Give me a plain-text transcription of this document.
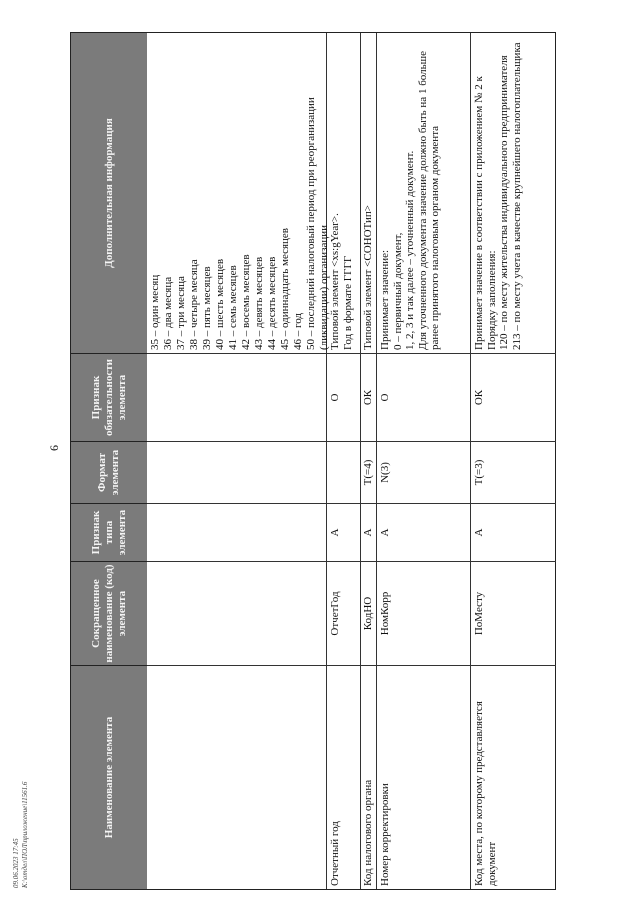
6
09.06.2023 17:45 К:\отдел\ПОЛ\приложение\11561.6	Наименование элемента
Сокращенное наименование (код) элемента
Признак типа элемента
Формат элемента
Признак обязательности элемента
Дополнительная информация
35 – один месяц 36 – два месяца 37 – три месяца 38 – четыре месяца 39 – пять месяцев 40 – шесть месяцев 41 – семь месяцев 42 – восемь месяцев 43 – девять месяцев 44 – десять месяцев 45 – одиннадцать месяцев 46 – год 50 – последний налоговый период при реорганизации (ликвидации) организации
Отчетный год
ОтчетГод
А
О
Типовой элемент <xs:gYear>.
Год в формате ГГГГ
Код налогового органа
КодНО
А
Т(=4)
ОК
Типовой элемент <СОНОТип>
Номер корректировки
НомКорр
А
N(3)
О
Принимает значение:
0 – первичный документ,
1, 2, 3 и так далее – уточненный документ.
Для уточненного документа значение должно быть на 1 больше ранее принятого налоговым органом документа
Код места, по которому представляется документ
ПоМесту
А
Т(=3)
ОК
Принимает значение в соответствии с приложением № 2 к Порядку заполнения:
120 – по месту жительства индивидуального предпринимателя
213 – по месту учета в качестве крупнейшего налогоплательщика
